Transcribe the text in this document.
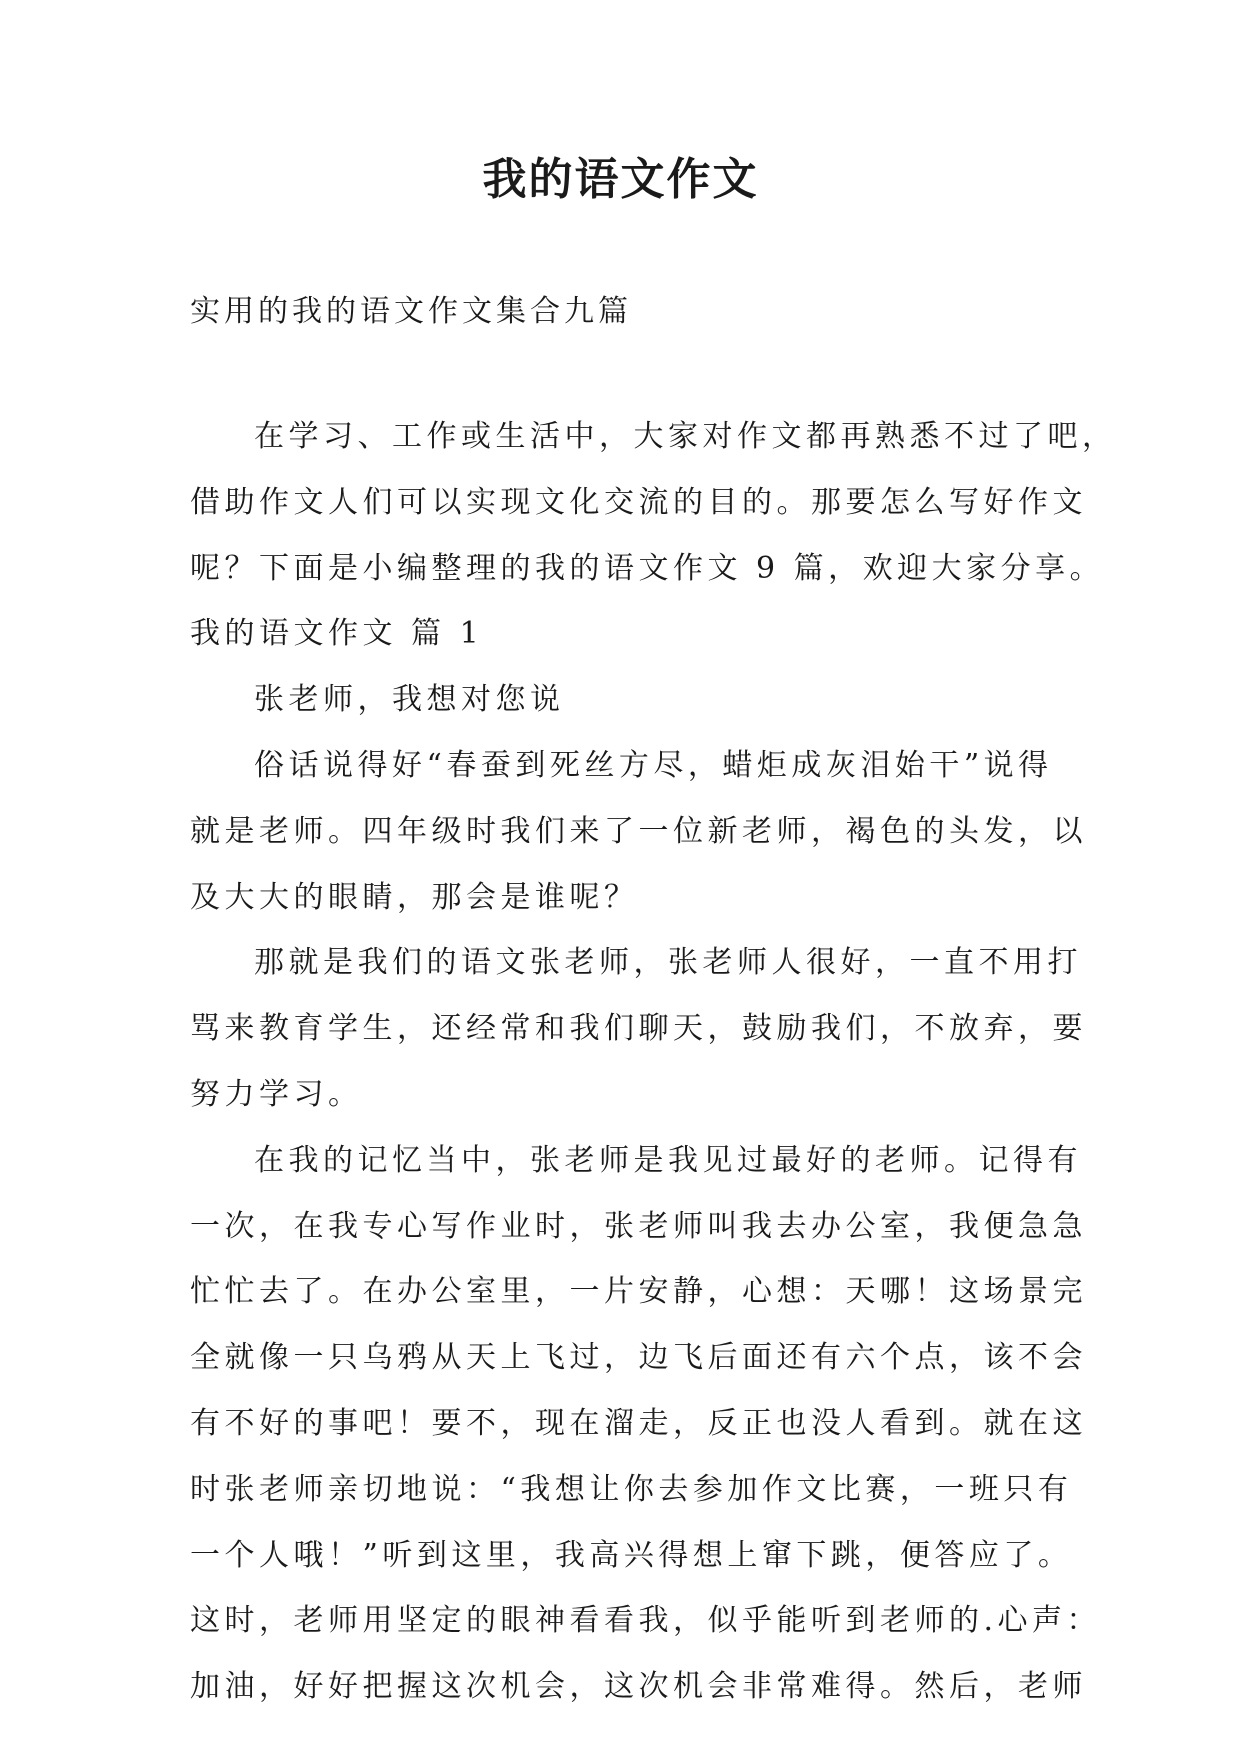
我的语文作文
实用的我的语文作文集合九篇
在学习、工作或生活中，大家对作文都再熟悉不过了吧，
借助作文人们可以实现文化交流的目的。那要怎么写好作文
呢？下面是小编整理的我的语文作文 9 篇，欢迎大家分享。
我的语文作文 篇 1
张老师，我想对您说
俗话说得好“春蚕到死丝方尽，蜡炬成灰泪始干”说得
就是老师。四年级时我们来了一位新老师，褐色的头发，以
及大大的眼睛，那会是谁呢？
那就是我们的语文张老师，张老师人很好，一直不用打
骂来教育学生，还经常和我们聊天，鼓励我们，不放弃，要
努力学习。
在我的记忆当中，张老师是我见过最好的老师。记得有
一次，在我专心写作业时，张老师叫我去办公室，我便急急
忙忙去了。在办公室里，一片安静，心想：天哪！这场景完
全就像一只乌鸦从天上飞过，边飞后面还有六个点，该不会
有不好的事吧！要不，现在溜走，反正也没人看到。就在这
时张老师亲切地说：“我想让你去参加作文比赛，一班只有
一个人哦！”听到这里，我高兴得想上窜下跳，便答应了。
这时，老师用坚定的眼神看看我，似乎能听到老师的.心声：
加油，好好把握这次机会，这次机会非常难得。然后，老师
